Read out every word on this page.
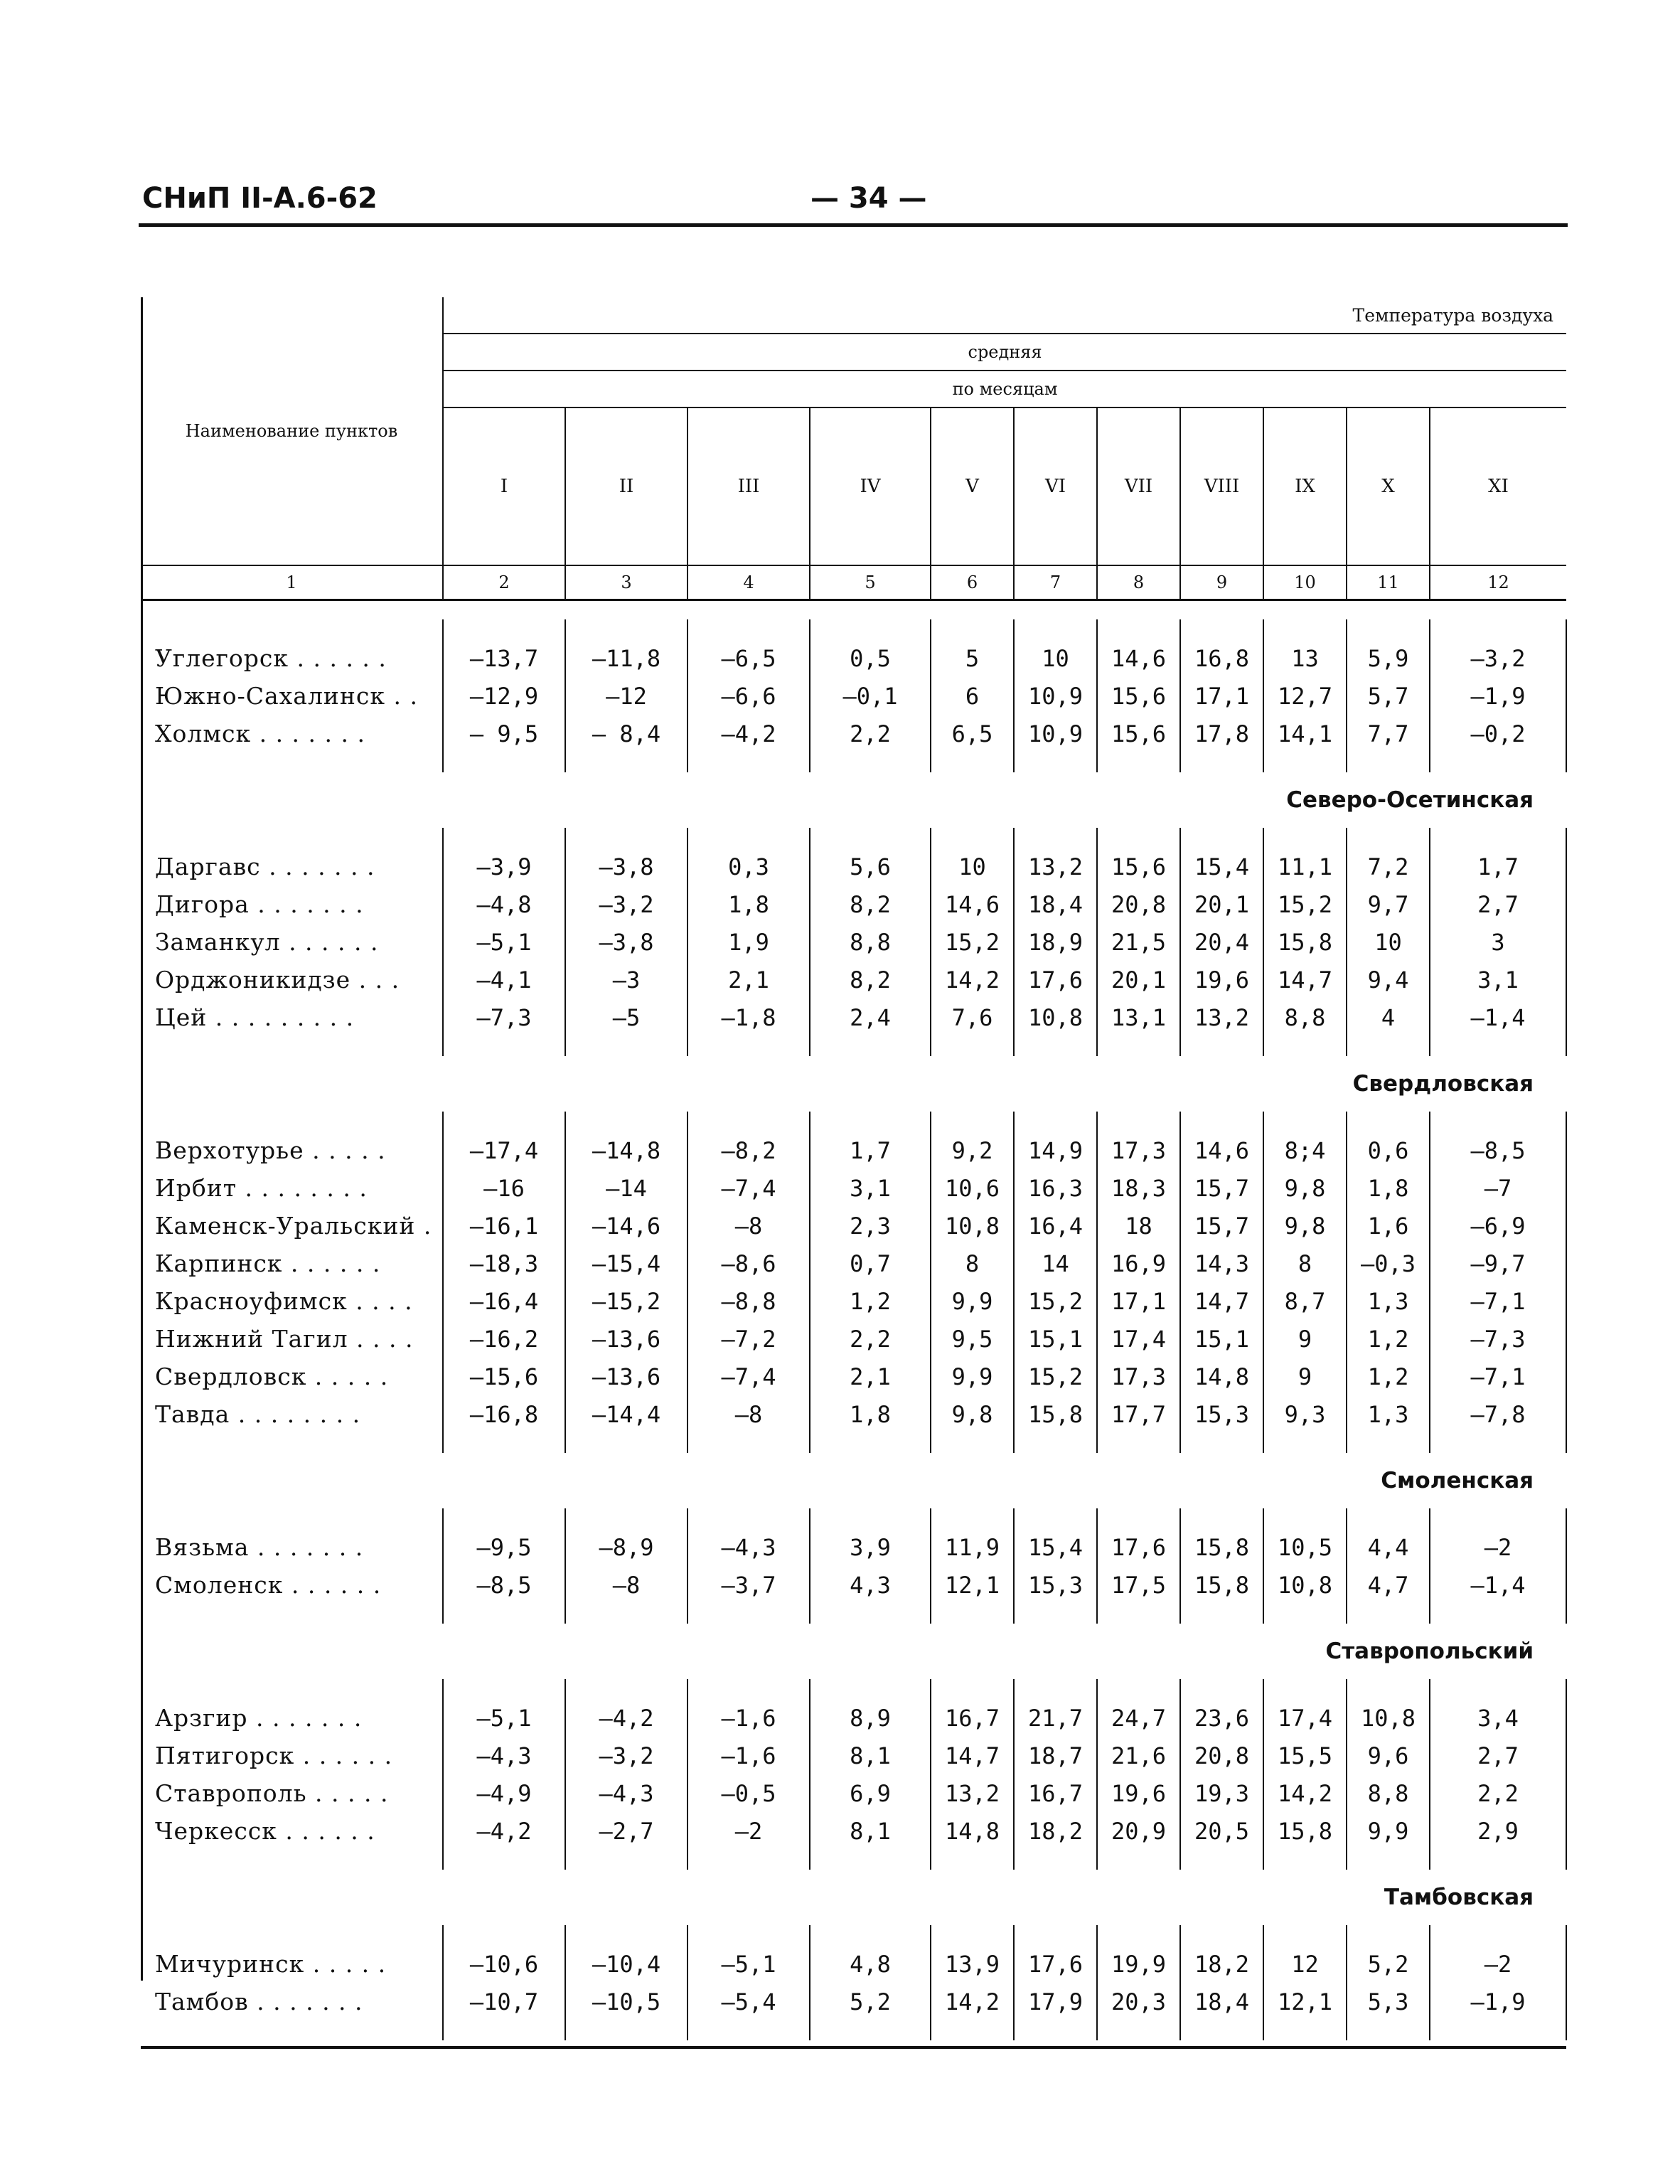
СНиП II-А.6-62	— 34 —
Наименование пунктов	Температура воздуха										
	средняя										
	по месяцам										
	I	II	III	IV	V	VI	VII	VIII	IX	X	XI
1	2	3	4	5	6	7	8	9	10	11	12

Углегорск . . . . . .	—13,7	—11,8	—6,5	0,5	5	10	14,6	16,8	13	5,9	—3,2
Южно-Сахалинск . .	—12,9	—12	—6,6	—0,1	6	10,9	15,6	17,1	12,7	5,7	—1,9
Холмск . . . . . . .	— 9,5	— 8,4	—4,2	2,2	6,5	10,9	15,6	17,8	14,1	7,7	—0,2

Северо-Осетинская											

Даргавс . . . . . . .	—3,9	—3,8	0,3	5,6	10	13,2	15,6	15,4	11,1	7,2	1,7
Дигора . . . . . . .	—4,8	—3,2	1,8	8,2	14,6	18,4	20,8	20,1	15,2	9,7	2,7
Заманкул . . . . . .	—5,1	—3,8	1,9	8,8	15,2	18,9	21,5	20,4	15,8	10	3
Орджоникидзе . . .	—4,1	—3	2,1	8,2	14,2	17,6	20,1	19,6	14,7	9,4	3,1
Цей . . . . . . . . .	—7,3	—5	—1,8	2,4	7,6	10,8	13,1	13,2	8,8	4	—1,4

Свердловская											

Верхотурье . . . . .	—17,4	—14,8	—8,2	1,7	9,2	14,9	17,3	14,6	8;4	0,6	—8,5
Ирбит . . . . . . . .	—16	—14	—7,4	3,1	10,6	16,3	18,3	15,7	9,8	1,8	—7
Каменск-Уральский .	—16,1	—14,6	—8	2,3	10,8	16,4	18	15,7	9,8	1,6	—6,9
Карпинск . . . . . .	—18,3	—15,4	—8,6	0,7	8	14	16,9	14,3	8	—0,3	—9,7
Красноуфимск . . . .	—16,4	—15,2	—8,8	1,2	9,9	15,2	17,1	14,7	8,7	1,3	—7,1
Нижний Тагил . . . .	—16,2	—13,6	—7,2	2,2	9,5	15,1	17,4	15,1	9	1,2	—7,3
Свердловск . . . . .	—15,6	—13,6	—7,4	2,1	9,9	15,2	17,3	14,8	9	1,2	—7,1
Тавда . . . . . . . .	—16,8	—14,4	—8	1,8	9,8	15,8	17,7	15,3	9,3	1,3	—7,8

Смоленская											

Вязьма . . . . . . .	—9,5	—8,9	—4,3	3,9	11,9	15,4	17,6	15,8	10,5	4,4	—2
Смоленск . . . . . .	—8,5	—8	—3,7	4,3	12,1	15,3	17,5	15,8	10,8	4,7	—1,4

Ставропольский											

Арзгир . . . . . . .	—5,1	—4,2	—1,6	8,9	16,7	21,7	24,7	23,6	17,4	10,8	3,4
Пятигорск . . . . . .	—4,3	—3,2	—1,6	8,1	14,7	18,7	21,6	20,8	15,5	9,6	2,7
Ставрополь . . . . .	—4,9	—4,3	—0,5	6,9	13,2	16,7	19,6	19,3	14,2	8,8	2,2
Черкесск . . . . . .	—4,2	—2,7	—2	8,1	14,8	18,2	20,9	20,5	15,8	9,9	2,9

Тамбовская											

Мичуринск . . . . .	—10,6	—10,4	—5,1	4,8	13,9	17,6	19,9	18,2	12	5,2	—2
Тамбов . . . . . . .	—10,7	—10,5	—5,4	5,2	14,2	17,9	20,3	18,4	12,1	5,3	—1,9
